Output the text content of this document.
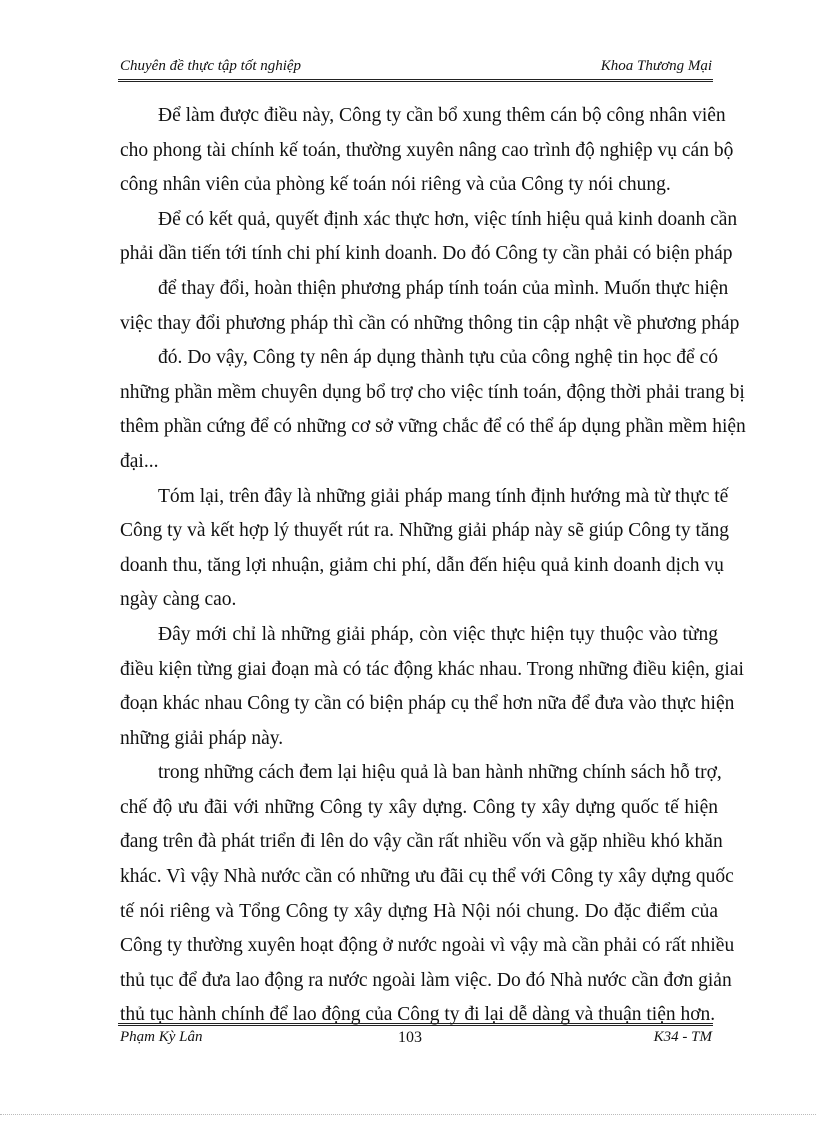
Chuyên đề thực tập tốt nghiệp	Khoa Thương Mại
Để làm được điều này, Công ty cần bổ xung thêm cán bộ công nhân viên
cho phong tài chính kế toán, thường xuyên nâng cao trình độ nghiệp vụ cán bộ
công nhân viên của phòng kế toán nói riêng và của Công ty nói chung.
Để có kết quả, quyết định xác thực hơn, việc tính hiệu quả kinh doanh cần
phải dần tiến tới tính chi phí kinh doanh. Do đó Công ty cần phải có biện pháp
để thay đổi, hoàn thiện phương pháp tính toán của mình. Muốn thực hiện
việc thay đổi phương pháp thì cần có những thông tin cập nhật về phương pháp
đó. Do vậy, Công ty nên áp dụng thành tựu của công nghệ tin học để có
những phần mềm chuyên dụng bổ trợ cho việc tính toán, động thời phải trang bị
thêm phần cứng để có những cơ sở vững chắc để có thể áp dụng phần mềm hiện
đại...
Tóm lại, trên đây là những giải pháp mang tính định hướng mà từ thực tế
Công ty và kết hợp lý thuyết rút ra. Những giải pháp này sẽ giúp Công ty tăng
doanh thu, tăng lợi nhuận, giảm chi phí, dẫn đến hiệu quả kinh doanh dịch vụ
ngày càng cao.
Đây mới chỉ là những giải pháp, còn việc thực hiện tụy thuộc vào từng
điều kiện từng giai đoạn mà có tác động khác nhau. Trong những điều kiện, giai
đoạn khác nhau Công ty cần có biện pháp cụ thể hơn nữa để đưa vào thực hiện
những giải pháp này.
trong những cách đem lại hiệu quả là ban hành những chính sách hỗ trợ,
chế độ ưu đãi với những Công ty xây dựng. Công ty xây dựng quốc tế hiện
đang trên đà phát triển đi lên do vậy cần rất nhiều vốn và gặp nhiều khó khăn
khác. Vì vậy Nhà nước cần có những ưu đãi cụ thể với Công ty xây dựng quốc
tế nói riêng và Tổng Công ty xây dựng Hà Nội nói chung. Do đặc điểm của
Công ty thường xuyên hoạt động ở nước ngoài vì vậy mà cần phải có rất nhiều
thủ tục để đưa lao động ra nước ngoài làm việc. Do đó Nhà nước cần đơn giản
thủ tục hành chính để lao động của Công ty đi lại dễ dàng và thuận tiện hơn.
Phạm Kỳ Lân	103	K34 - TM
